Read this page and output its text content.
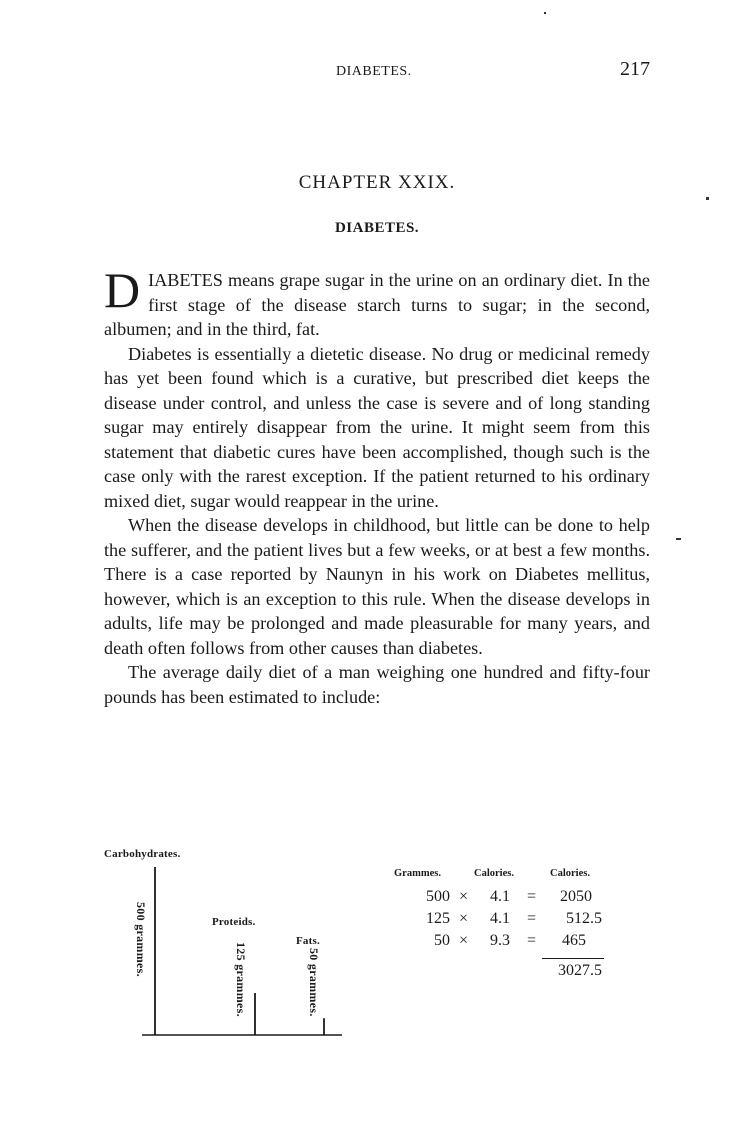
DIABETES.	217
CHAPTER XXIX.
DIABETES.

DIABETES means grape sugar in the urine on an ordinary diet. In the first stage of the disease starch turns to sugar; in the second, albumen; and in the third, fat.

Diabetes is essentially a dietetic disease. No drug or medicinal remedy has yet been found which is a curative, but prescribed diet keeps the disease under control, and unless the case is severe and of long standing sugar may entirely disappear from the urine. It might seem from this statement that diabetic cures have been accomplished, though such is the case only with the rarest exception. If the patient returned to his ordinary mixed diet, sugar would reappear in the urine.

When the disease develops in childhood, but little can be done to help the sufferer, and the patient lives but a few weeks, or at best a few months. There is a case reported by Naunyn in his work on Diabetes mellitus, however, which is an exception to this rule. When the disease develops in adults, life may be prolonged and made pleasurable for many years, and death often follows from other causes than diabetes.

The average daily diet of a man weighing one hundred and fifty-four pounds has been estimated to include:

Carbohydrates.
Proteids.
Fats.
500 grammes.
125 grammes.	50 grammes.
Grammes.	Calories.	Calories.
500 ×	4.1	=	2050
125 ×	4.1	=	512.5
50 ×	9.3	=	465
3027.5
